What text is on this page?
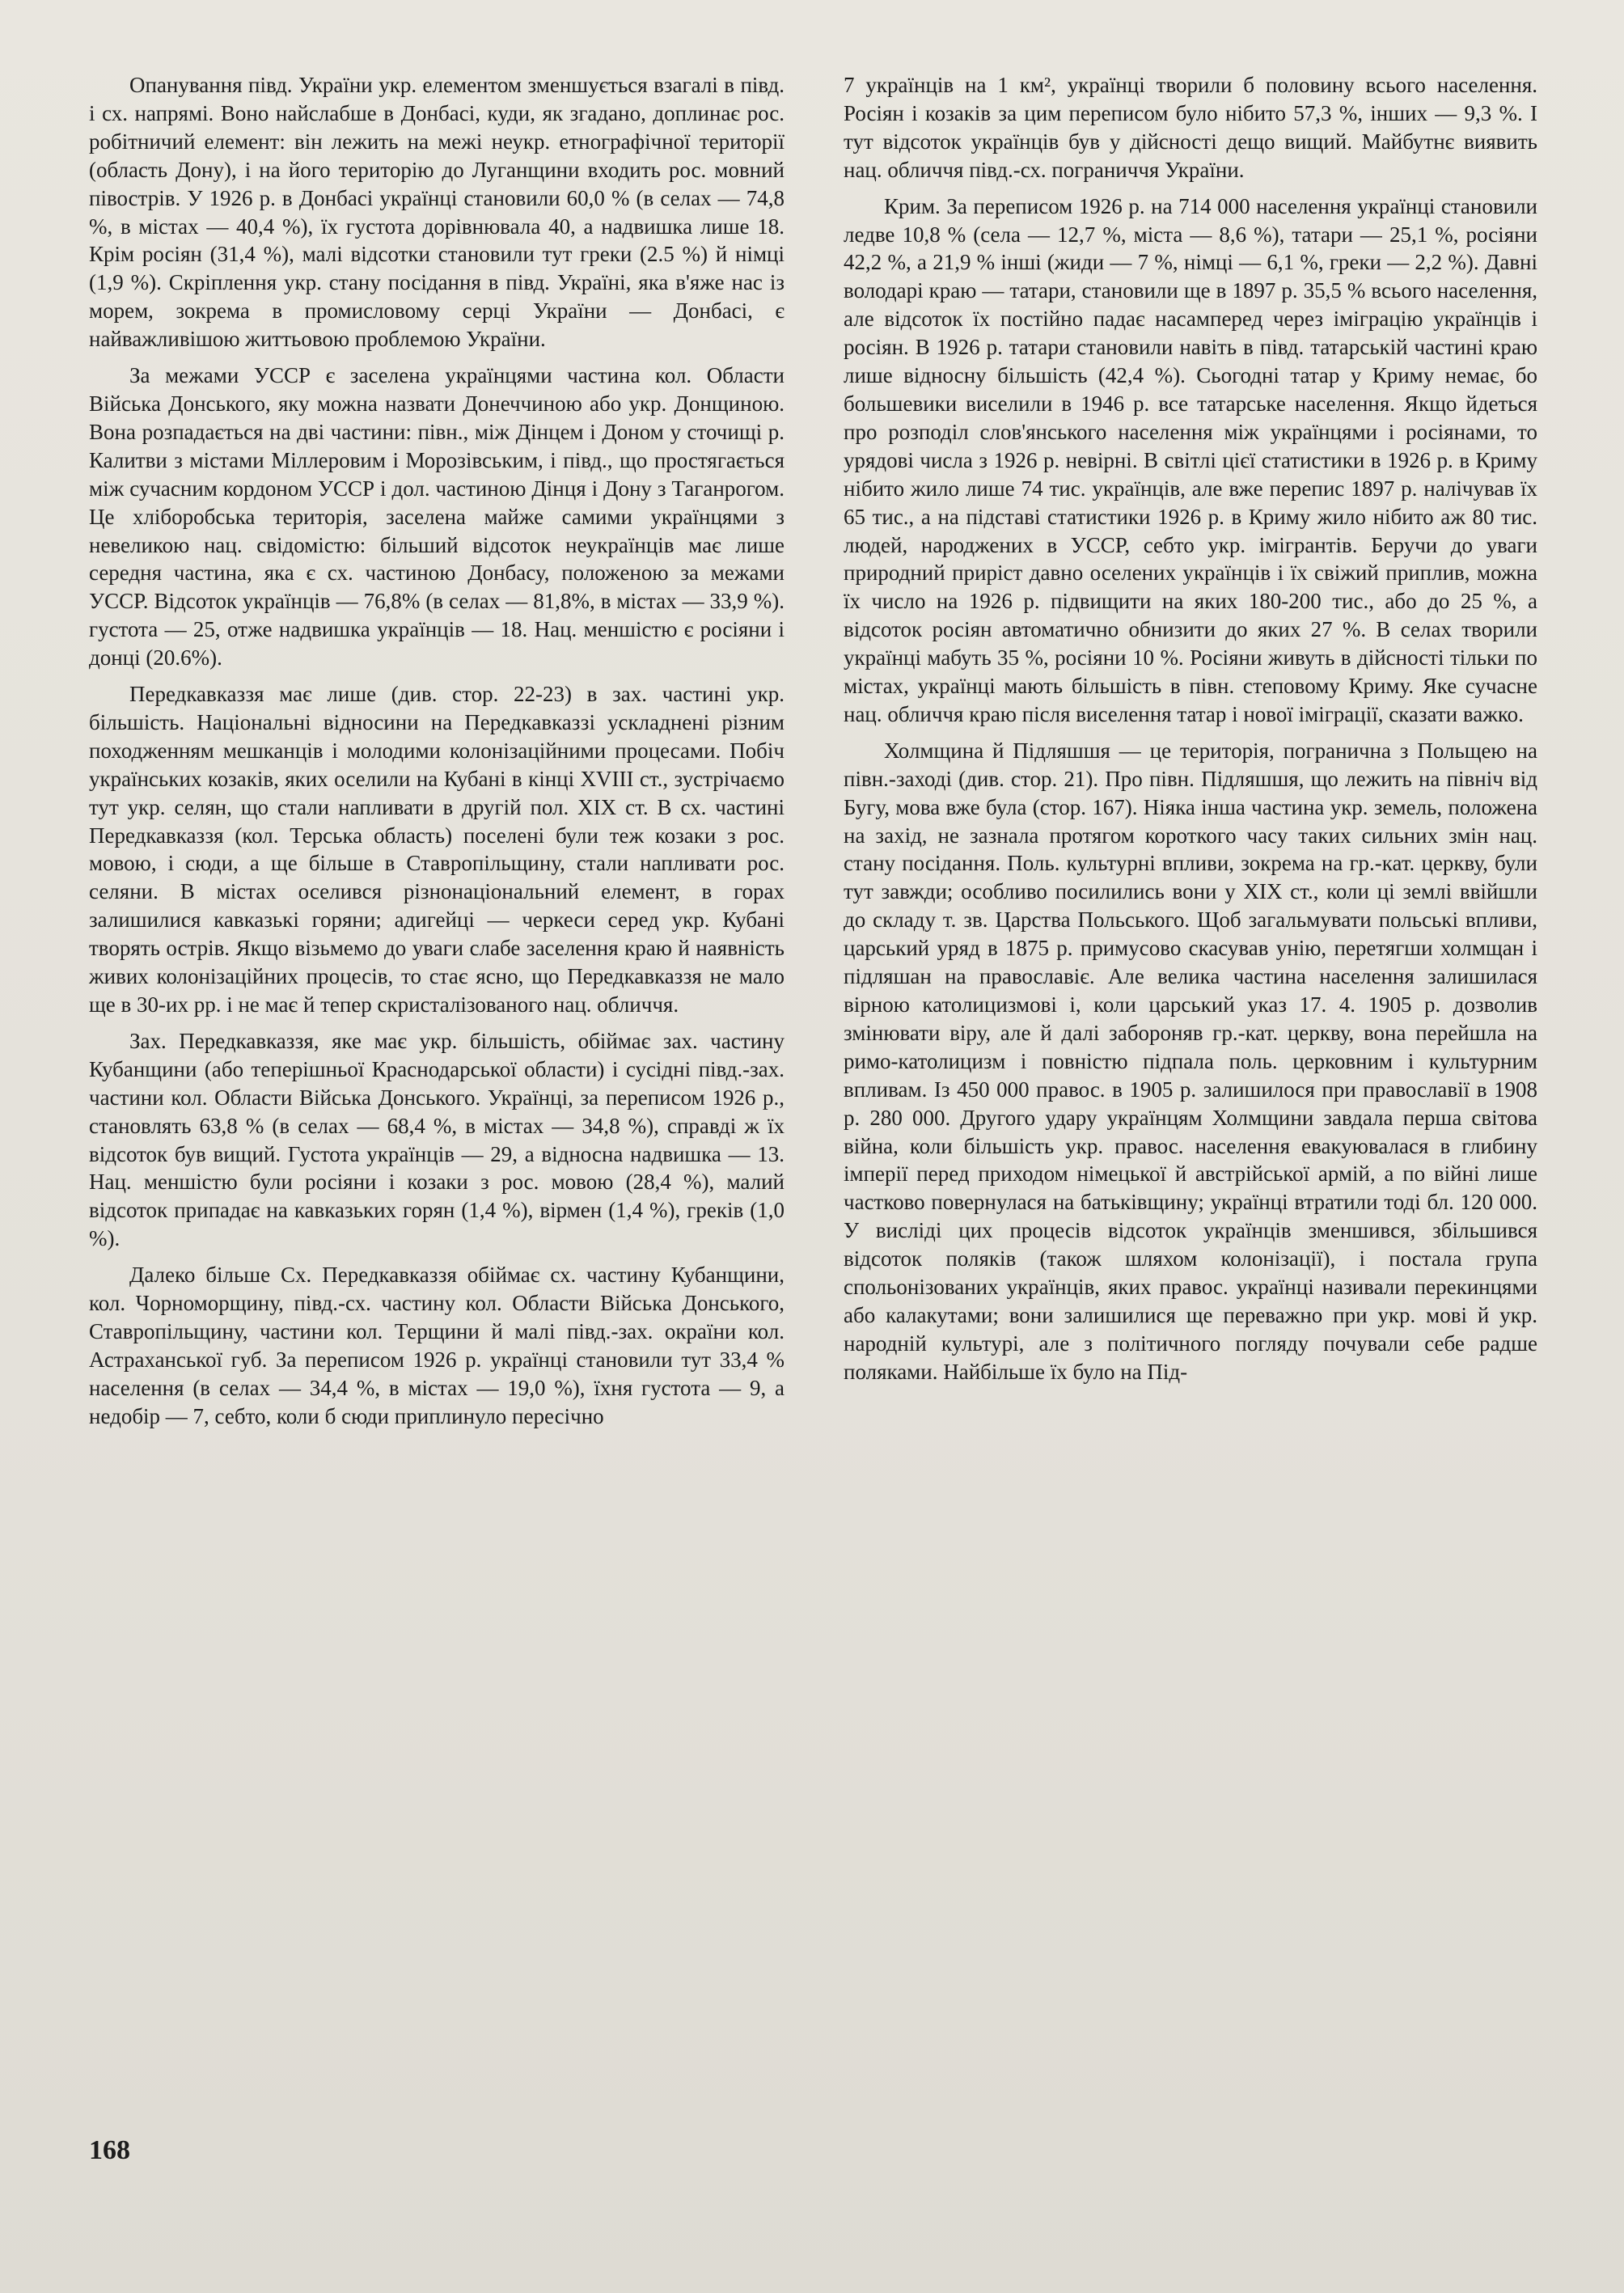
Опанування півд. України укр. елементом зменшується взагалі в півд. і сх. напрямі. Воно найслабше в Донбасі, куди, як згадано, доплинає рос. робітничий елемент: він лежить на межі неукр. етнографічної території (область Дону), і на його територію до Луганщини входить рос. мовний півострів. У 1926 р. в Донбасі українці становили 60,0 % (в селах — 74,8 %, в містах — 40,4 %), їх густота дорівнювала 40, а надвишка лише 18. Крім росіян (31,4 %), малі відсотки становили тут греки (2.5 %) й німці (1,9 %). Скріплення укр. стану посідання в півд. Україні, яка в'яже нас із морем, зокрема в промисловому серці України — Донбасі, є найважливішою життьовою проблемою України.

За межами УССР є заселена українцями частина кол. Области Війська Донського, яку можна назвати Донеччиною або укр. Донщиною. Вона розпадається на дві частини: півн., між Дінцем і Доном у сточищі р. Калитви з містами Міллеровим і Морозівським, і півд., що простягається між сучасним кордоном УССР і дол. частиною Дінця і Дону з Таганрогом. Це хліборобська територія, заселена майже самими українцями з невеликою нац. свідомістю: більший відсоток неукраїнців має лише середня частина, яка є сх. частиною Донбасу, положеною за межами УССР. Відсоток українців — 76,8% (в селах — 81,8%, в містах — 33,9 %). густота — 25, отже надвишка українців — 18. Нац. меншістю є росіяни і донці (20.6%).

Передкавказзя має лише (див. стор. 22-23) в зах. частині укр. більшість. Національні відносини на Передкавказзі ускладнені різним походженням мешканців і молодими колонізаційними процесами. Побіч українських козаків, яких оселили на Кубані в кінці XVIII ст., зустрічаємо тут укр. селян, що стали напливати в другій пол. XIX ст. В сх. частині Передкавказзя (кол. Терська область) поселені були теж козаки з рос. мовою, і сюди, а ще більше в Ставропільщину, стали напливати рос. селяни. В містах оселився різнонаціональний елемент, в горах залишилися кавказькі горяни; адигейці — черкеси серед укр. Кубані творять острів. Якщо візьмемо до уваги слабе заселення краю й наявність живих колонізаційних процесів, то стає ясно, що Передкавказзя не мало ще в 30-их рр. і не має й тепер скристалізованого нац. обличчя.

Зах. Передкавказзя, яке має укр. більшість, обіймає зах. частину Кубанщини (або теперішньої Краснодарської области) і сусідні півд.-зах. частини кол. Области Війська Донського. Українці, за переписом 1926 р., становлять 63,8 % (в селах — 68,4 %, в містах — 34,8 %), справді ж їх відсоток був вищий. Густота українців — 29, а відносна надвишка — 13. Нац. меншістю були росіяни і козаки з рос. мовою (28,4 %), малий відсоток припадає на кавказьких горян (1,4 %), вірмен (1,4 %), греків (1,0 %).

Далеко більше Сх. Передкавказзя обіймає сх. частину Кубанщини, кол. Чорноморщину, півд.-сх. частину кол. Области Війська Донського, Ставропільщину, частини кол. Терщини й малі півд.-зах. окраїни кол. Астраханської губ. За переписом 1926 р. українці становили тут 33,4 % населення (в селах — 34,4 %, в містах — 19,0 %), їхня густота — 9, а недобір — 7, себто, коли б сюди приплинуло пересічно

7 українців на 1 км², українці творили б половину всього населення. Росіян і козаків за цим переписом було нібито 57,3 %, інших — 9,3 %. І тут відсоток українців був у дійсності дещо вищий. Майбутнє виявить нац. обличчя півд.-сх. пограниччя України.

Крим. За переписом 1926 р. на 714 000 населення українці становили ледве 10,8 % (села — 12,7 %, міста — 8,6 %), татари — 25,1 %, росіяни 42,2 %, а 21,9 % інші (жиди — 7 %, німці — 6,1 %, греки — 2,2 %). Давні володарі краю — татари, становили ще в 1897 р. 35,5 % всього населення, але відсоток їх постійно падає насамперед через іміграцію українців і росіян. В 1926 р. татари становили навіть в півд. татарській частині краю лише відносну більшість (42,4 %). Сьогодні татар у Криму немає, бо большевики виселили в 1946 р. все татарське населення. Якщо йдеться про розподіл слов'янського населення між українцями і росіянами, то урядові числа з 1926 р. невірні. В світлі цієї статистики в 1926 р. в Криму нібито жило лише 74 тис. українців, але вже перепис 1897 р. налічував їх 65 тис., а на підставі статистики 1926 р. в Криму жило нібито аж 80 тис. людей, народжених в УССР, себто укр. імігрантів. Беручи до уваги природний приріст давно оселених українців і їх свіжий приплив, можна їх число на 1926 р. підвищити на яких 180-200 тис., або до 25 %, а відсоток росіян автоматично обнизити до яких 27 %. В селах творили українці мабуть 35 %, росіяни 10 %. Росіяни живуть в дійсності тільки по містах, українці мають більшість в півн. степовому Криму. Яке сучасне нац. обличчя краю після виселення татар і нової іміграції, сказати важко.

Холмщина й Підляшшя — це територія, погранична з Польщею на півн.-заході (див. стор. 21). Про півн. Підляшшя, що лежить на північ від Бугу, мова вже була (стор. 167). Ніяка інша частина укр. земель, положена на захід, не зазнала протягом короткого часу таких сильних змін нац. стану посідання. Поль. культурні впливи, зокрема на гр.-кат. церкву, були тут завжди; особливо посилились вони у XIX ст., коли ці землі ввійшли до складу т. зв. Царства Польського. Щоб загальмувати польські впливи, царський уряд в 1875 р. примусово скасував унію, перетягши холмщан і підляшан на православіє. Але велика частина населення залишилася вірною католицизмові і, коли царський указ 17. 4. 1905 р. дозволив змінювати віру, але й далі забороняв гр.-кат. церкву, вона перейшла на римо-католицизм і повністю підпала поль. церковним і культурним впливам. Із 450 000 правос. в 1905 р. залишилося при православії в 1908 р. 280 000. Другого удару українцям Холмщини завдала перша світова війна, коли більшість укр. правос. населення евакуювалася в глибину імперії перед приходом німецької й австрійської армій, а по війні лише частково повернулася на батьківщину; українці втратили тоді бл. 120 000. У висліді цих процесів відсоток українців зменшився, збільшився відсоток поляків (також шляхом колонізації), і постала група спольонізованих українців, яких правос. українці називали перекинцями або калакутами; вони залишилися ще переважно при укр. мові й укр. народній культурі, але з політичного погляду почували себе радше поляками. Найбільше їх було на Під-

168
